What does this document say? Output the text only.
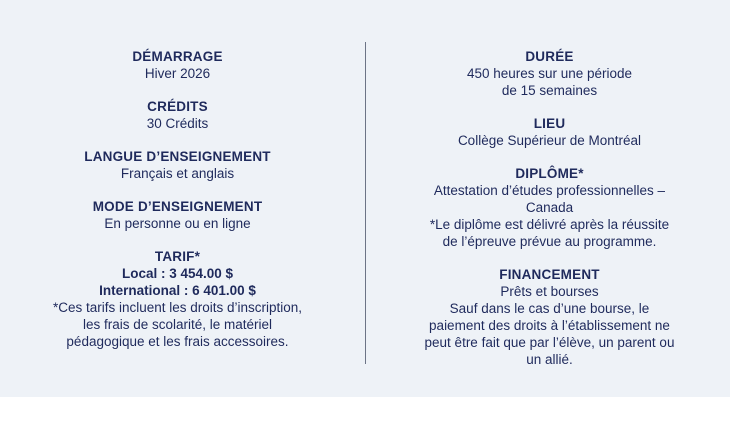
DÉMARRAGE
Hiver 2026
CRÉDITS
30 Crédits
LANGUE D’ENSEIGNEMENT
Français et anglais
MODE D’ENSEIGNEMENT
En personne ou en ligne
TARIF*
Local : 3 454.00 $
International : 6 401.00 $
*Ces tarifs incluent les droits d’inscription,
les frais de scolarité, le matériel
pédagogique et les frais accessoires.
DURÉE
450 heures sur une période
de 15 semaines
LIEU
Collège Supérieur de Montréal
DIPLÔME*
Attestation d’études professionnelles –
Canada
*Le diplôme est délivré après la réussite
de l’épreuve prévue au programme.
FINANCEMENT
Prêts et bourses
Sauf dans le cas d’une bourse, le
paiement des droits à l’établissement ne
peut être fait que par l’élève, un parent ou
un allié.
